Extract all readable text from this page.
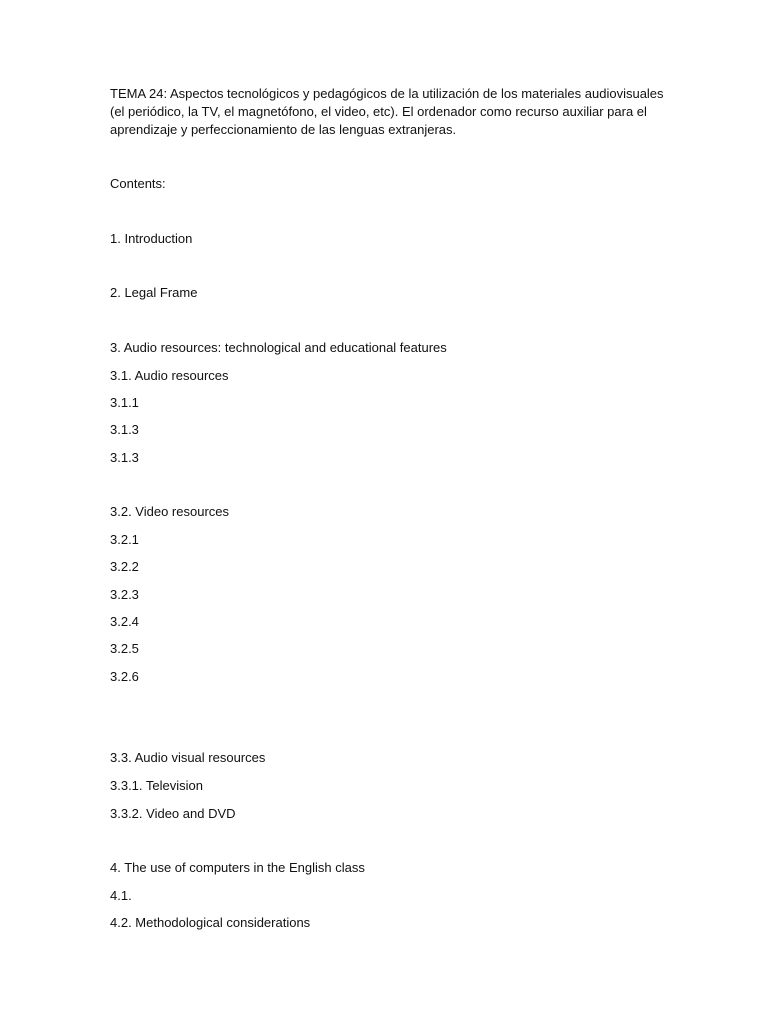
TEMA 24: Aspectos tecnológicos y pedagógicos de la utilización de los materiales audiovisuales (el periódico, la TV, el magnetófono, el video, etc). El ordenador como recurso auxiliar para el aprendizaje y perfeccionamiento de las lenguas extranjeras.

Contents:
1. Introduction
2. Legal Frame
3. Audio resources: technological and educational features
3.1. Audio resources
3.1.1
3.1.3
3.1.3
3.2. Video resources
3.2.1
3.2.2
3.2.3
3.2.4
3.2.5
3.2.6
3.3. Audio visual resources
3.3.1. Television
3.3.2. Video and DVD
4. The use of computers in the English class
4.1.
4.2. Methodological considerations
